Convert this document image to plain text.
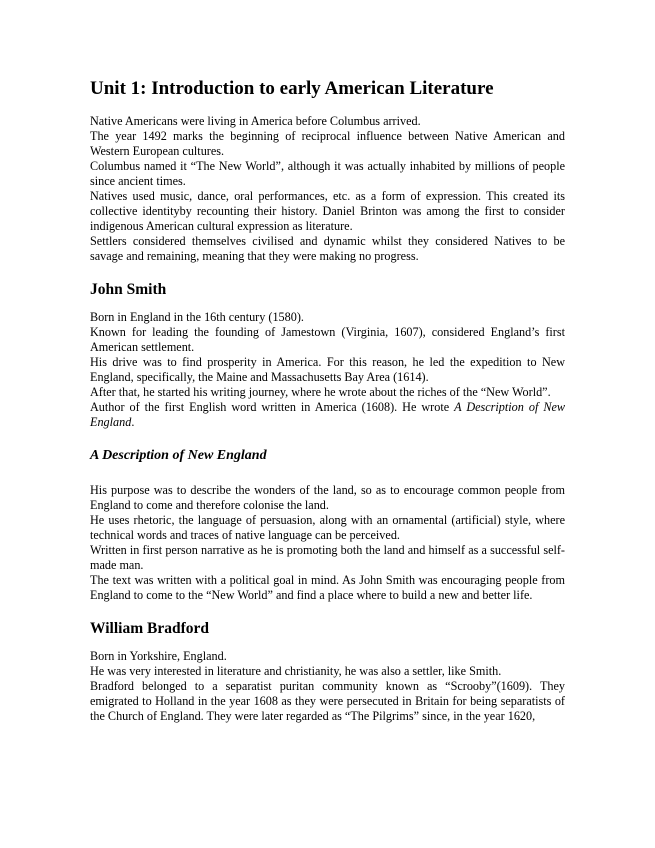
Unit 1: Introduction to early American Literature

Native Americans were living in America before Columbus arrived.

The year 1492 marks the beginning of reciprocal influence between Native American and Western European cultures.

Columbus named it “The New World”, although it was actually inhabited by millions of people since ancient times.

Natives used music, dance, oral performances, etc. as a form of expression. This created its collective identityby recounting their history. Daniel Brinton was among the first to consider indigenous American cultural expression as literature.

Settlers considered themselves civilised and dynamic whilst they considered Natives to be savage and remaining, meaning that they were making no progress.

John Smith

Born in England in the 16th century (1580).

Known for leading the founding of Jamestown (Virginia, 1607), considered England’s first American settlement.

His drive was to find prosperity in America. For this reason, he led the expedition to New England, specifically, the Maine and Massachusetts Bay Area (1614).

After that, he started his writing journey, where he wrote about the riches of the “New World”.

Author of the first English word written in America (1608). He wrote A Description of New England.

A Description of New England

His purpose was to describe the wonders of the land, so as to encourage common people from England to come and therefore colonise the land.

He uses rhetoric, the language of persuasion, along with an ornamental (artificial) style, where technical words and traces of native language can be perceived.

Written in first person narrative as he is promoting both the land and himself as a successful self-made man.

The text was written with a political goal in mind. As John Smith was encouraging people from England to come to the “New World” and find a place where to build a new and better life.

William Bradford

Born in Yorkshire, England.

He was very interested in literature and christianity, he was also a settler, like Smith.

Bradford belonged to a separatist puritan community known as “Scrooby”(1609). They emigrated to Holland in the year 1608 as they were persecuted in Britain for being separatists of the Church of England. They were later regarded as “The Pilgrims” since, in the year 1620,
